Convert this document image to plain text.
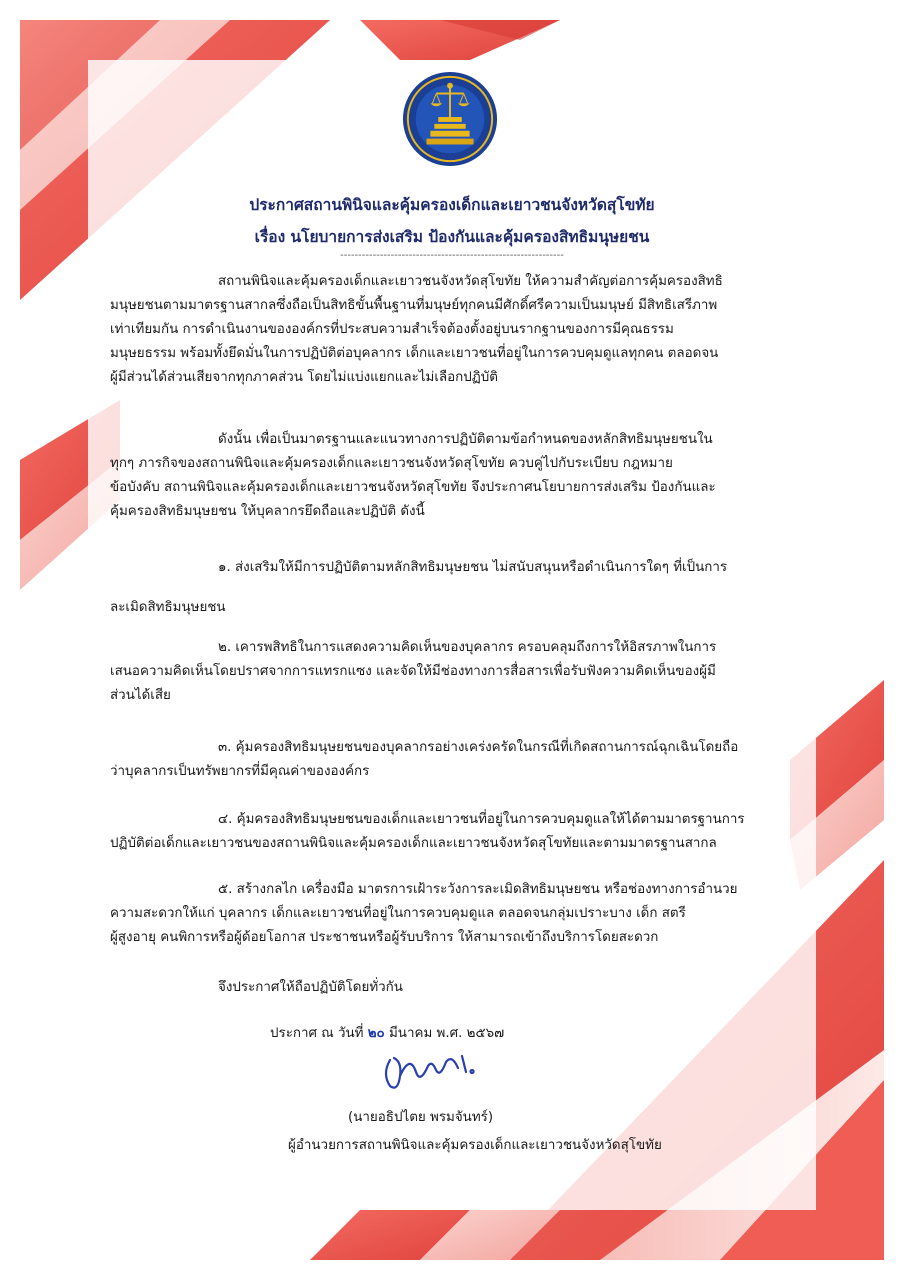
ประกาศสถานพินิจและคุ้มครองเด็กและเยาวชนจังหวัดสุโขทัย
เรื่อง นโยบายการส่งเสริม ป้องกันและคุ้มครองสิทธิมนุษยชน
--------------------------------------------------------------
สถานพินิจและคุ้มครองเด็กและเยาวชนจังหวัดสุโขทัย ให้ความสำคัญต่อการคุ้มครองสิทธิ
มนุษยชนตามมาตรฐานสากลซึ่งถือเป็นสิทธิขั้นพื้นฐานที่มนุษย์ทุกคนมีศักดิ์ศรีความเป็นมนุษย์ มีสิทธิเสรีภาพ
เท่าเทียมกัน การดำเนินงานขององค์กรที่ประสบความสำเร็จต้องตั้งอยู่บนรากฐานของการมีคุณธรรม
มนุษยธรรม พร้อมทั้งยึดมั่นในการปฏิบัติต่อบุคลากร เด็กและเยาวชนที่อยู่ในการควบคุมดูแลทุกคน ตลอดจน
ผู้มีส่วนได้ส่วนเสียจากทุกภาคส่วน โดยไม่แบ่งแยกและไม่เลือกปฏิบัติ
ดังนั้น เพื่อเป็นมาตรฐานและแนวทางการปฏิบัติตามข้อกำหนดของหลักสิทธิมนุษยชนใน
ทุกๆ ภารกิจของสถานพินิจและคุ้มครองเด็กและเยาวชนจังหวัดสุโขทัย ควบคู่ไปกับระเบียบ กฎหมาย
ข้อบังคับ สถานพินิจและคุ้มครองเด็กและเยาวชนจังหวัดสุโขทัย จึงประกาศนโยบายการส่งเสริม ป้องกันและ
คุ้มครองสิทธิมนุษยชน ให้บุคลากรยึดถือและปฏิบัติ ดังนี้
๑. ส่งเสริมให้มีการปฏิบัติตามหลักสิทธิมนุษยชน ไม่สนับสนุนหรือดำเนินการใดๆ ที่เป็นการ
ละเมิดสิทธิมนุษยชน
๒. เคารพสิทธิในการแสดงความคิดเห็นของบุคลากร ครอบคลุมถึงการให้อิสรภาพในการ
เสนอความคิดเห็นโดยปราศจากการแทรกแซง และจัดให้มีช่องทางการสื่อสารเพื่อรับฟังความคิดเห็นของผู้มี
ส่วนได้เสีย
๓. คุ้มครองสิทธิมนุษยชนของบุคลากรอย่างเคร่งครัดในกรณีที่เกิดสถานการณ์ฉุกเฉินโดยถือ
ว่าบุคลากรเป็นทรัพยากรที่มีคุณค่าขององค์กร
๔. คุ้มครองสิทธิมนุษยชนของเด็กและเยาวชนที่อยู่ในการควบคุมดูแลให้ได้ตามมาตรฐานการ
ปฏิบัติต่อเด็กและเยาวชนของสถานพินิจและคุ้มครองเด็กและเยาวชนจังหวัดสุโขทัยและตามมาตรฐานสากล
๕. สร้างกลไก เครื่องมือ มาตรการเฝ้าระวังการละเมิดสิทธิมนุษยชน หรือช่องทางการอำนวย
ความสะดวกให้แก่ บุคลากร เด็กและเยาวชนที่อยู่ในการควบคุมดูแล ตลอดจนกลุ่มเปราะบาง เด็ก สตรี
ผู้สูงอายุ คนพิการหรือผู้ด้อยโอกาส ประชาชนหรือผู้รับบริการ ให้สามารถเข้าถึงบริการโดยสะดวก
จึงประกาศให้ถือปฏิบัติโดยทั่วกัน
ประกาศ ณ วันที่ ๒๐ มีนาคม พ.ศ. ๒๕๖๗
(นายอธิปไตย พรมจันทร์)
ผู้อำนวยการสถานพินิจและคุ้มครองเด็กและเยาวชนจังหวัดสุโขทัย
